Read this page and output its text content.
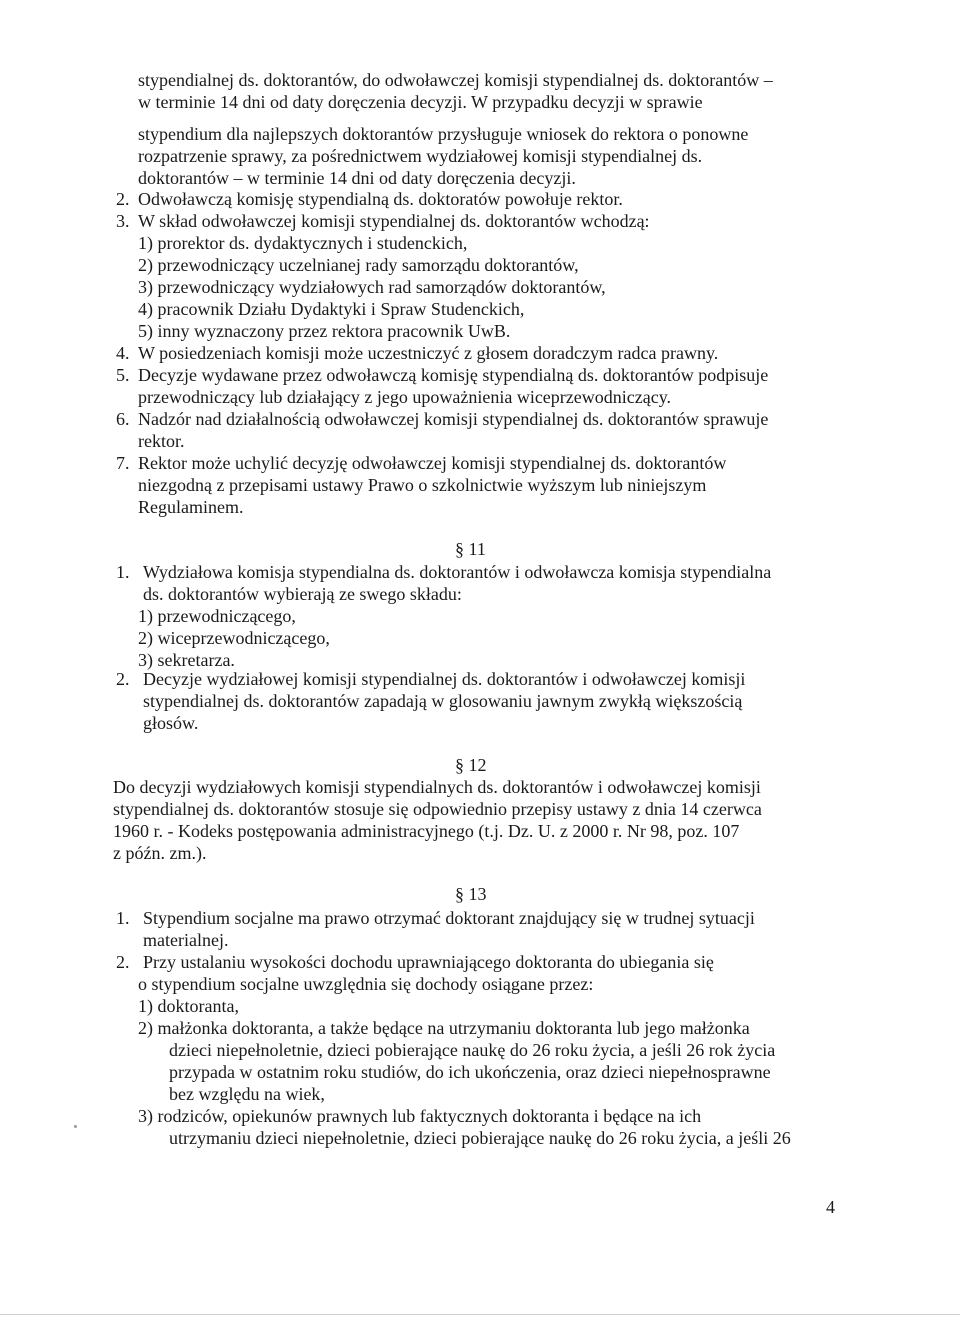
stypendialnej ds. doktorantów, do odwoławczej komisji stypendialnej ds. doktorantów –
w terminie 14 dni od daty doręczenia decyzji. W przypadku decyzji w sprawie
stypendium dla najlepszych doktorantów przysługuje wniosek do rektora o ponowne
rozpatrzenie sprawy, za pośrednictwem wydziałowej komisji stypendialnej ds.
doktorantów – w terminie 14 dni od daty doręczenia decyzji.
2. Odwoławczą komisję stypendialną ds. doktoratów powołuje rektor.
3. W skład odwoławczej komisji stypendialnej ds. doktorantów wchodzą:
1) prorektor ds. dydaktycznych i studenckich,
2) przewodniczący uczelnianej rady samorządu doktorantów,
3) przewodniczący wydziałowych rad samorządów doktorantów,
4) pracownik Działu Dydaktyki i Spraw Studenckich,
5) inny wyznaczony przez rektora pracownik UwB.
4. W posiedzeniach komisji może uczestniczyć z głosem doradczym radca prawny.
5. Decyzje wydawane przez odwoławczą komisję stypendialną ds. doktorantów podpisuje
przewodniczący lub działający z jego upoważnienia wiceprzewodniczący.
6. Nadzór nad działalnością odwoławczej komisji stypendialnej ds. doktorantów sprawuje
rektor.
7. Rektor może uchylić decyzję odwoławczej komisji stypendialnej ds. doktorantów
niezgodną z przepisami ustawy Prawo o szkolnictwie wyższym lub niniejszym
Regulaminem.
§ 11
1. Wydziałowa komisja stypendialna ds. doktorantów i odwoławcza komisja stypendialna
ds. doktorantów wybierają ze swego składu:
1) przewodniczącego,
2) wiceprzewodniczącego,
3) sekretarza.
2. Decyzje wydziałowej komisji stypendialnej ds. doktorantów i odwoławczej komisji
stypendialnej ds. doktorantów zapadają w glosowaniu jawnym zwykłą większością
głosów.
§ 12
Do decyzji wydziałowych komisji stypendialnych ds. doktorantów i odwoławczej komisji
stypendialnej ds. doktorantów stosuje się odpowiednio przepisy ustawy z dnia 14 czerwca
1960 r. - Kodeks postępowania administracyjnego (t.j. Dz. U. z 2000 r. Nr 98, poz. 107
z późn. zm.).
§ 13
1. Stypendium socjalne ma prawo otrzymać doktorant znajdujący się w trudnej sytuacji
materialnej.
2. Przy ustalaniu wysokości dochodu uprawniającego doktoranta do ubiegania się
o stypendium socjalne uwzględnia się dochody osiągane przez:
1) doktoranta,
2) małżonka doktoranta, a także będące na utrzymaniu doktoranta lub jego małżonka
dzieci niepełnoletnie, dzieci pobierające naukę do 26 roku życia, a jeśli 26 rok życia
przypada w ostatnim roku studiów, do ich ukończenia, oraz dzieci niepełnosprawne
bez względu na wiek,
3) rodziców, opiekunów prawnych lub faktycznych doktoranta i będące na ich
utrzymaniu dzieci niepełnoletnie, dzieci pobierające naukę do 26 roku życia, a jeśli 26
4
